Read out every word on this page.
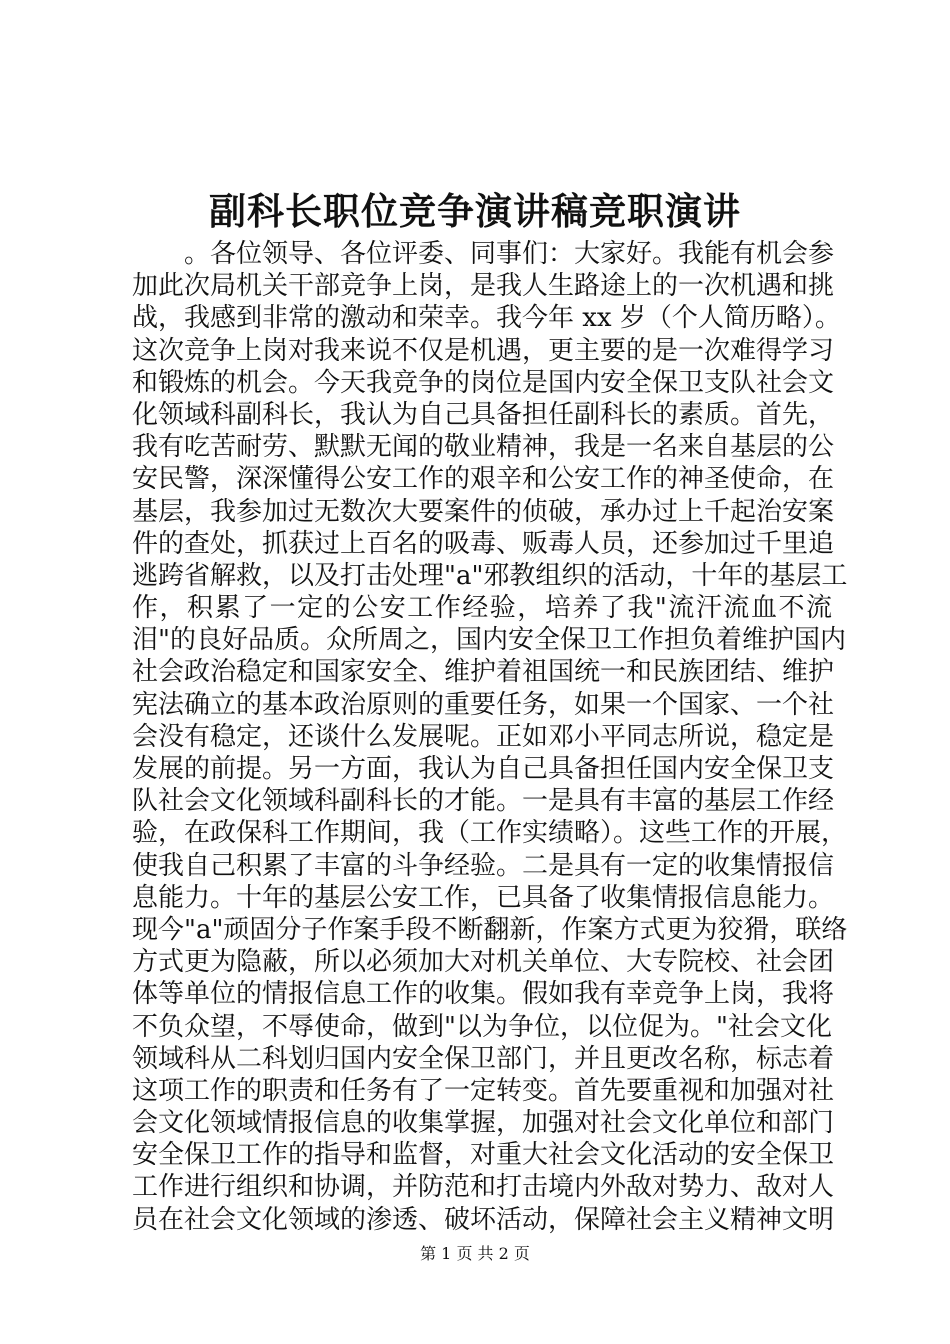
副科长职位竞争演讲稿竞职演讲
。各位领导、各位评委、同事们：大家好。我能有机会参
加此次局机关干部竞争上岗，是我人生路途上的一次机遇和挑
战，我感到非常的激动和荣幸。我今年 xx 岁（个人简历略）。
这次竞争上岗对我来说不仅是机遇，更主要的是一次难得学习
和锻炼的机会。今天我竞争的岗位是国内安全保卫支队社会文
化领域科副科长，我认为自己具备担任副科长的素质。首先，
我有吃苦耐劳、默默无闻的敬业精神，我是一名来自基层的公
安民警，深深懂得公安工作的艰辛和公安工作的神圣使命，在
基层，我参加过无数次大要案件的侦破，承办过上千起治安案
件的查处，抓获过上百名的吸毒、贩毒人员，还参加过千里追
逃跨省解救，以及打击处理"a"邪教组织的活动，十年的基层工
作，积累了一定的公安工作经验，培养了我"流汗流血不流
泪"的良好品质。众所周之，国内安全保卫工作担负着维护国内
社会政治稳定和国家安全、维护着祖国统一和民族团结、维护
宪法确立的基本政治原则的重要任务，如果一个国家、一个社
会没有稳定，还谈什么发展呢。正如邓小平同志所说，稳定是
发展的前提。另一方面，我认为自己具备担任国内安全保卫支
队社会文化领域科副科长的才能。一是具有丰富的基层工作经
验，在政保科工作期间，我（工作实绩略）。这些工作的开展，
使我自己积累了丰富的斗争经验。二是具有一定的收集情报信
息能力。十年的基层公安工作，已具备了收集情报信息能力。
现今"a"顽固分子作案手段不断翻新，作案方式更为狡猾，联络
方式更为隐蔽，所以必须加大对机关单位、大专院校、社会团
体等单位的情报信息工作的收集。假如我有幸竞争上岗，我将
不负众望，不辱使命，做到"以为争位，以位促为。"社会文化
领域科从二科划归国内安全保卫部门，并且更改名称，标志着
这项工作的职责和任务有了一定转变。首先要重视和加强对社
会文化领域情报信息的收集掌握，加强对社会文化单位和部门
安全保卫工作的指导和监督，对重大社会文化活动的安全保卫
工作进行组织和协调，并防范和打击境内外敌对势力、敌对人
员在社会文化领域的渗透、破坏活动，保障社会主义精神文明
第 1 页 共 2 页
